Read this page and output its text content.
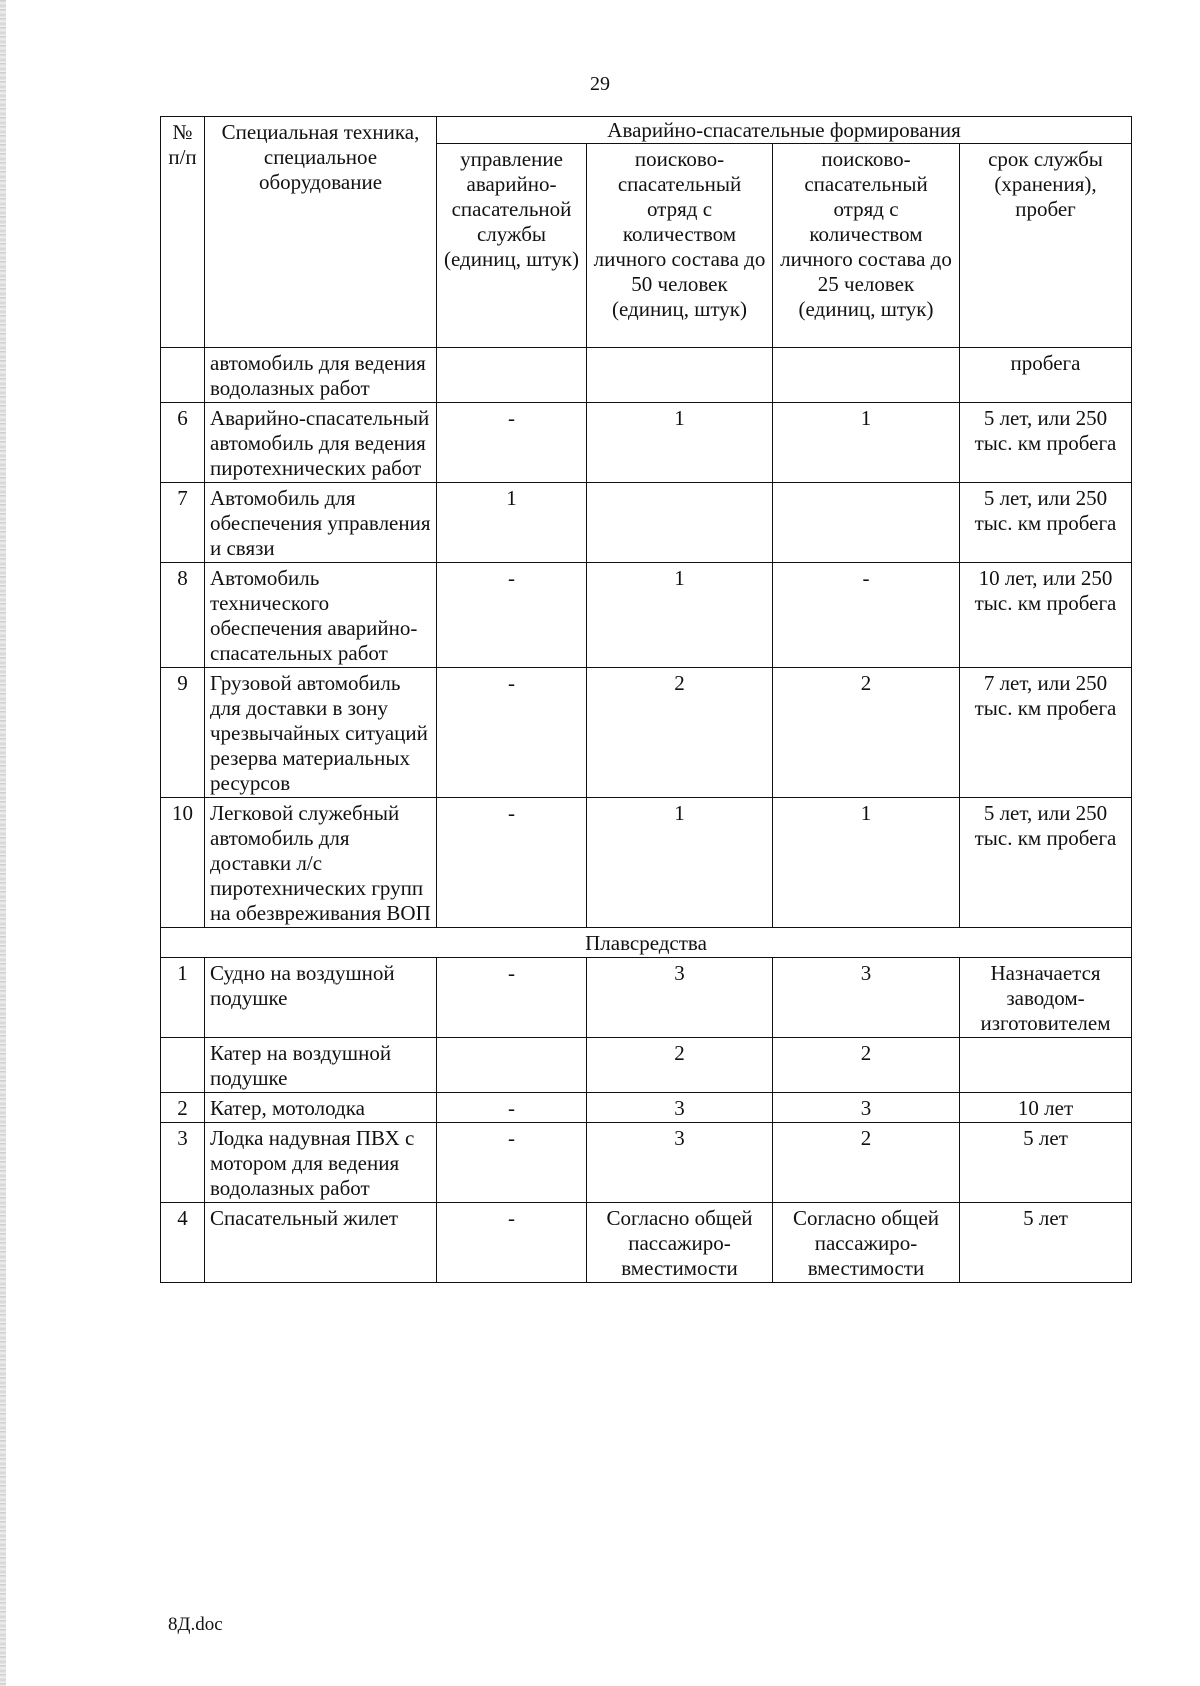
29
№ п/п	Специальная техника, специальное оборудование	Аварийно-спасательные формирования			
		управление аварийно-спасательной службы (единиц, штук)	поисково-спасательный отряд с количеством личного состава до 50 человек (единиц, штук)	поисково-спасательный отряд с количеством личного состава до 25 человек (единиц, штук)	срок службы (хранения), пробег
	автомобиль для ведения водолазных работ				пробега
6	Аварийно-спасательный автомобиль для ведения пиротехнических работ	-	1	1	5 лет, или 250 тыс. км пробега
7	Автомобиль для обеспечения управления и связи	1			5 лет, или 250 тыс. км пробега
8	Автомобиль технического обеспечения аварийно-спасательных работ	-	1	-	10 лет, или 250 тыс. км пробега
9	Грузовой автомобиль для доставки в зону чрезвычайных ситуаций резерва материальных ресурсов	-	2	2	7 лет, или 250 тыс. км пробега
10	Легковой служебный автомобиль для доставки л/с пиротехнических групп на обезвреживания ВОП	-	1	1	5 лет, или 250 тыс. км пробега
Плавсредства					
1	Судно на воздушной подушке	-	3	3	Назначается заводом-изготовителем
	Катер на воздушной подушке		2	2	
2	Катер, мотолодка	-	3	3	10 лет
3	Лодка надувная ПВХ с мотором для ведения водолазных работ	-	3	2	5 лет
4	Спасательный жилет	-	Согласно общей пассажиро-вместимости	Согласно общей пассажиро-вместимости	5 лет
8Д.doc
